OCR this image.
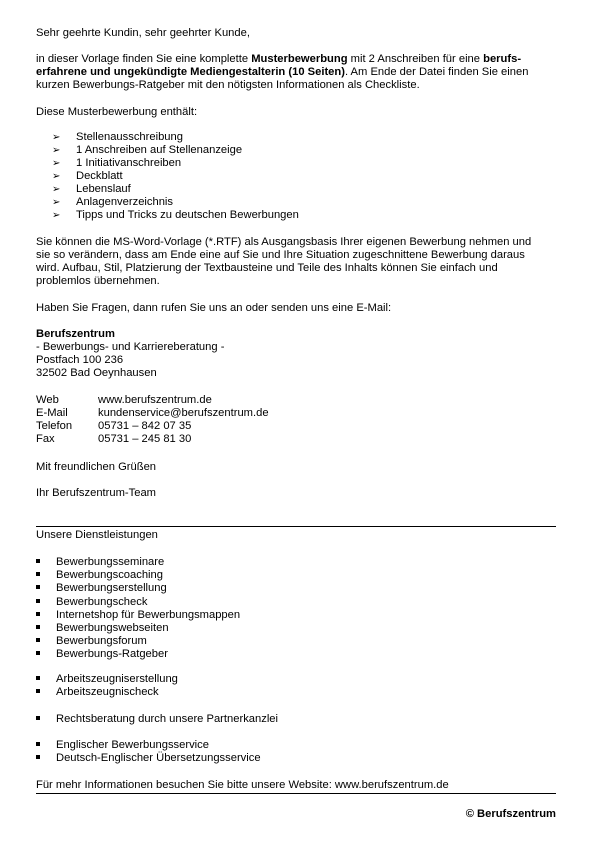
Sehr geehrte Kundin, sehr geehrter Kunde,

in dieser Vorlage finden Sie eine komplette Musterbewerbung mit 2 Anschreiben für eine berufs-
erfahrene und ungekündigte Mediengestalterin (10 Seiten). Am Ende der Datei finden Sie einen
kurzen Bewerbungs-Ratgeber mit den nötigsten Informationen als Checkliste.

Diese Musterbewerbung enthält:

➢ Stellenausschreibung
➢ 1 Anschreiben auf Stellenanzeige
➢ 1 Initiativanschreiben
➢ Deckblatt
➢ Lebenslauf
➢ Anlagenverzeichnis
➢ Tipps und Tricks zu deutschen Bewerbungen
Sie können die MS-Word-Vorlage (*.RTF) als Ausgangsbasis Ihrer eigenen Bewerbung nehmen und
sie so verändern, dass am Ende eine auf Sie und Ihre Situation zugeschnittene Bewerbung daraus
wird. Aufbau, Stil, Platzierung der Textbausteine und Teile des Inhalts können Sie einfach und
problemlos übernehmen.

Haben Sie Fragen, dann rufen Sie uns an oder senden uns eine E-Mail:

Berufszentrum
- Bewerbungs- und Karriereberatung -
Postfach 100 236
32502 Bad Oeynhausen
Web	www.berufszentrum.de
E-Mail	kundenservice@berufszentrum.de
Telefon 05731 – 842 07 35
Fax	05731 – 245 81 30

Mit freundlichen Grüßen

Ihr Berufszentrum-Team

Unsere Dienstleistungen

Bewerbungsseminare
Bewerbungscoaching
Bewerbungserstellung
Bewerbungscheck
Internetshop für Bewerbungsmappen
Bewerbungswebseiten
Bewerbungsforum
Bewerbungs-Ratgeber
Arbeitszeugniserstellung
Arbeitszeugnischeck
Rechtsberatung durch unsere Partnerkanzlei
Englischer Bewerbungsservice
Deutsch-Englischer Übersetzungsservice

Für mehr Informationen besuchen Sie bitte unsere Website: www.berufszentrum.de

© Berufszentrum
